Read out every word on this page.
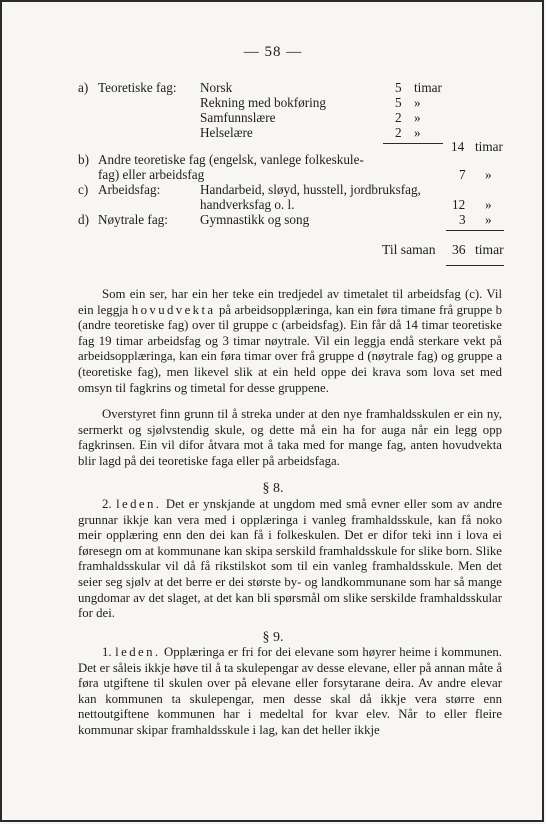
— 58 —
a) Teoretiske fag: Norsk	5 timar
Rekning med bokføring	5 »
Samfunnslære	2 »
Helselære	2 »
14 timar
b) Andre teoretiske fag (engelsk, vanlege folkeskule-
fag) eller arbeidsfag	7 »
c) Arbeidsfag:	Handarbeid, sløyd, husstell, jordbruksfag,
handverksfag o. l.	12 »
d) Nøytrale fag: Gymnastikk og song	3 »
Til saman 36 timar

Som ein ser, har ein her teke ein tredjedel av timetalet til arbeidsfag (c). Vil ein leggja hovudvekta på arbeidsopplæringa, kan ein føra timane frå gruppe b (andre teoretiske fag) over til gruppe c (arbeidsfag). Ein får då 14 timar teoretiske fag 19 timar arbeidsfag og 3 timar nøytrale. Vil ein leggja endå sterkare vekt på arbeidsopplæringa, kan ein føra timar over frå gruppe d (nøytrale fag) og gruppe a (teoretiske fag), men likevel slik at ein held oppe dei krava som lova set med omsyn til fagkrins og timetal for desse gruppene.

Overstyret finn grunn til å streka under at den nye framhaldsskulen er ein ny, sermerkt og sjølvstendig skule, og dette må ein ha for auga når ein legg opp fagkrinsen. Ein vil difor åtvara mot å taka med for mange fag, anten hovudvekta blir lagd på dei teoretiske faga eller på arbeidsfaga.

§ 8.

2. leden. Det er ynskjande at ungdom med små evner eller som av andre grunnar ikkje kan vera med i opplæringa i vanleg framhaldsskule, kan få noko meir opplæring enn den dei kan få i folkeskulen. Det er difor teki inn i lova ei føresegn om at kommunane kan skipa serskild framhaldsskule for slike born. Slike framhaldsskular vil då få rikstilskot som til ein vanleg framhaldsskule. Men det seier seg sjølv at det berre er dei største by- og landkommunane som har så mange ungdomar av det slaget, at det kan bli spørsmål om slike serskilde framhaldsskular for dei.

§ 9.

1. leden. Opplæringa er fri for dei elevane som høyrer heime i kommunen. Det er såleis ikkje høve til å ta skulepengar av desse elevane, eller på annan måte å føra utgiftene til skulen over på elevane eller forsytarane deira. Av andre elevar kan kommunen ta skulepengar, men desse skal då ikkje vera større enn nettoutgiftene kommunen har i medeltal for kvar elev. Når to eller fleire kommunar skipar framhaldsskule i lag, kan det heller ikkje
